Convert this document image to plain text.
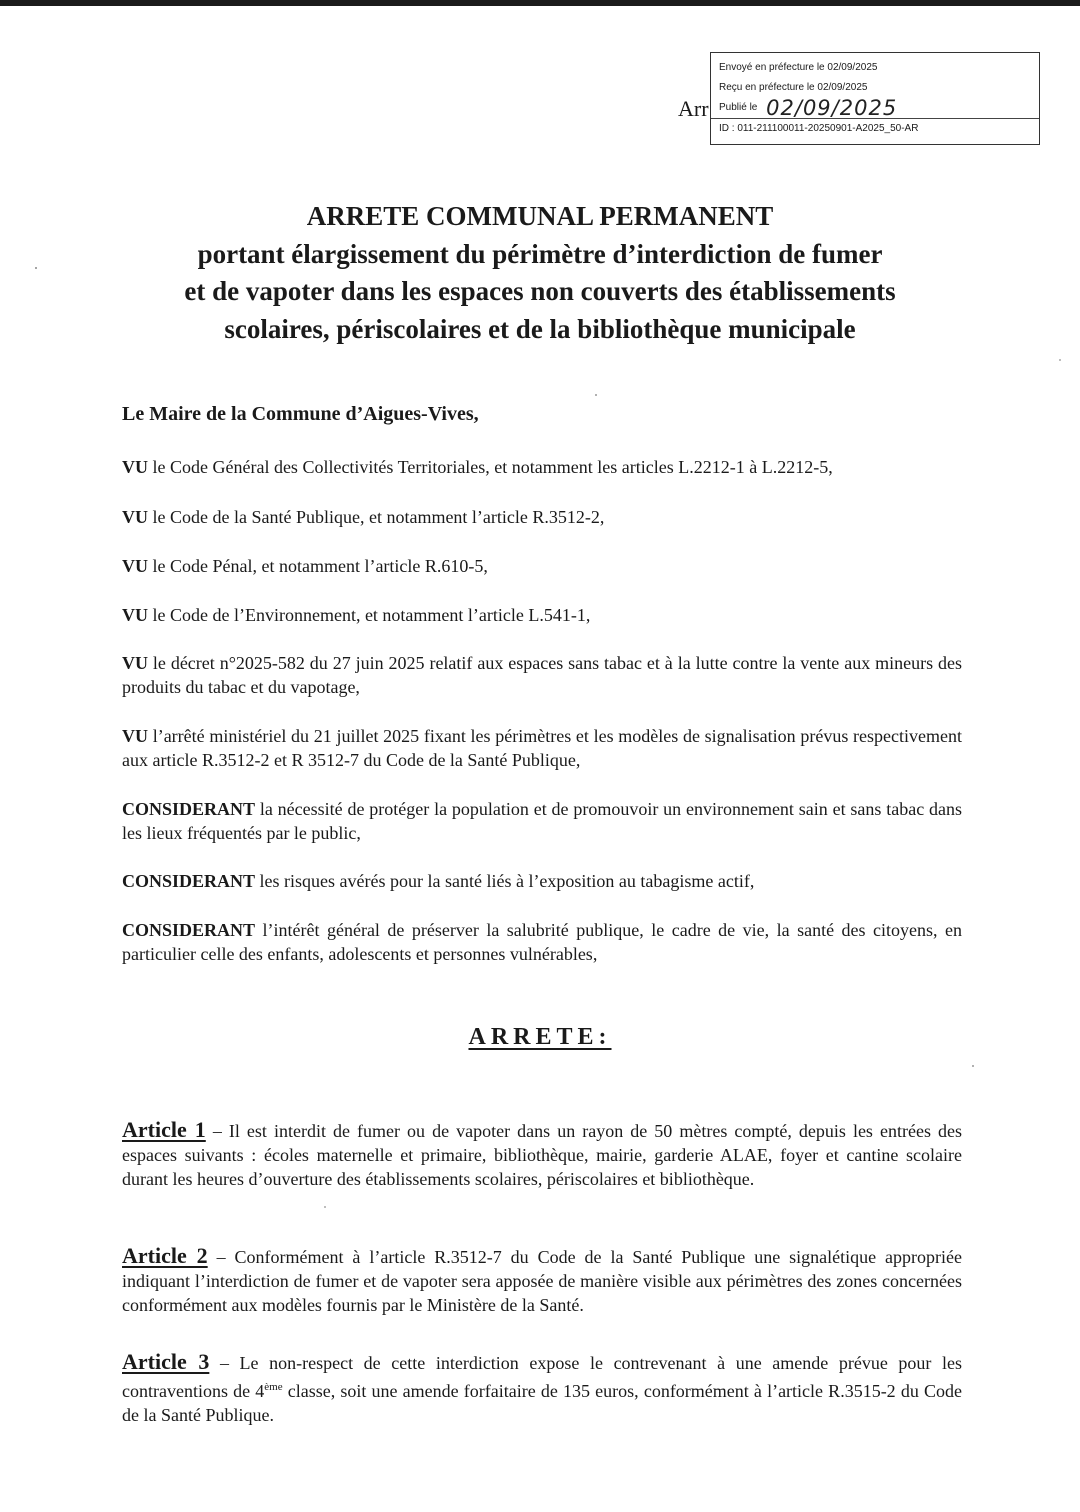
Arr
Envoyé en préfecture le 02/09/2025
Reçu en préfecture le 02/09/2025
Publié le 02/09/2025
ID : 011-211100011-20250901-A2025_50-AR
ARRETE COMMUNAL PERMANENT
portant élargissement du périmètre d’interdiction de fumer
et de vapoter dans les espaces non couverts des établissements
scolaires, périscolaires et de la bibliothèque municipale
Le Maire de la Commune d’Aigues-Vives,
VU le Code Général des Collectivités Territoriales, et notamment les articles L.2212-1 à L.2212-5,
VU le Code de la Santé Publique, et notamment l’article R.3512-2,
VU le Code Pénal, et notamment l’article R.610-5,
VU le Code de l’Environnement, et notamment l’article L.541-1,
VU le décret n°2025-582 du 27 juin 2025 relatif aux espaces sans tabac et à la lutte contre la vente aux mineurs des produits du tabac et du vapotage,
VU l’arrêté ministériel du 21 juillet 2025 fixant les périmètres et les modèles de signalisation prévus respectivement aux article R.3512-2 et R 3512-7 du Code de la Santé Publique,
CONSIDERANT la nécessité de protéger la population et de promouvoir un environnement sain et sans tabac dans les lieux fréquentés par le public,
CONSIDERANT les risques avérés pour la santé liés à l’exposition au tabagisme actif,
CONSIDERANT l’intérêt général de préserver la salubrité publique, le cadre de vie, la santé des citoyens, en particulier celle des enfants, adolescents et personnes vulnérables,
ARRETE:
Article 1 – Il est interdit de fumer ou de vapoter dans un rayon de 50 mètres compté, depuis les entrées des espaces suivants : écoles maternelle et primaire, bibliothèque, mairie, garderie ALAE, foyer et cantine scolaire durant les heures d’ouverture des établissements scolaires, périscolaires et bibliothèque.
Article 2 – Conformément à l’article R.3512-7 du Code de la Santé Publique une signalétique appropriée indiquant l’interdiction de fumer et de vapoter sera apposée de manière visible aux périmètres des zones concernées conformément aux modèles fournis par le Ministère de la Santé.
Article 3 – Le non-respect de cette interdiction expose le contrevenant à une amende prévue pour les contraventions de 4ème classe, soit une amende forfaitaire de 135 euros, conformément à l’article R.3515-2 du Code de la Santé Publique.
